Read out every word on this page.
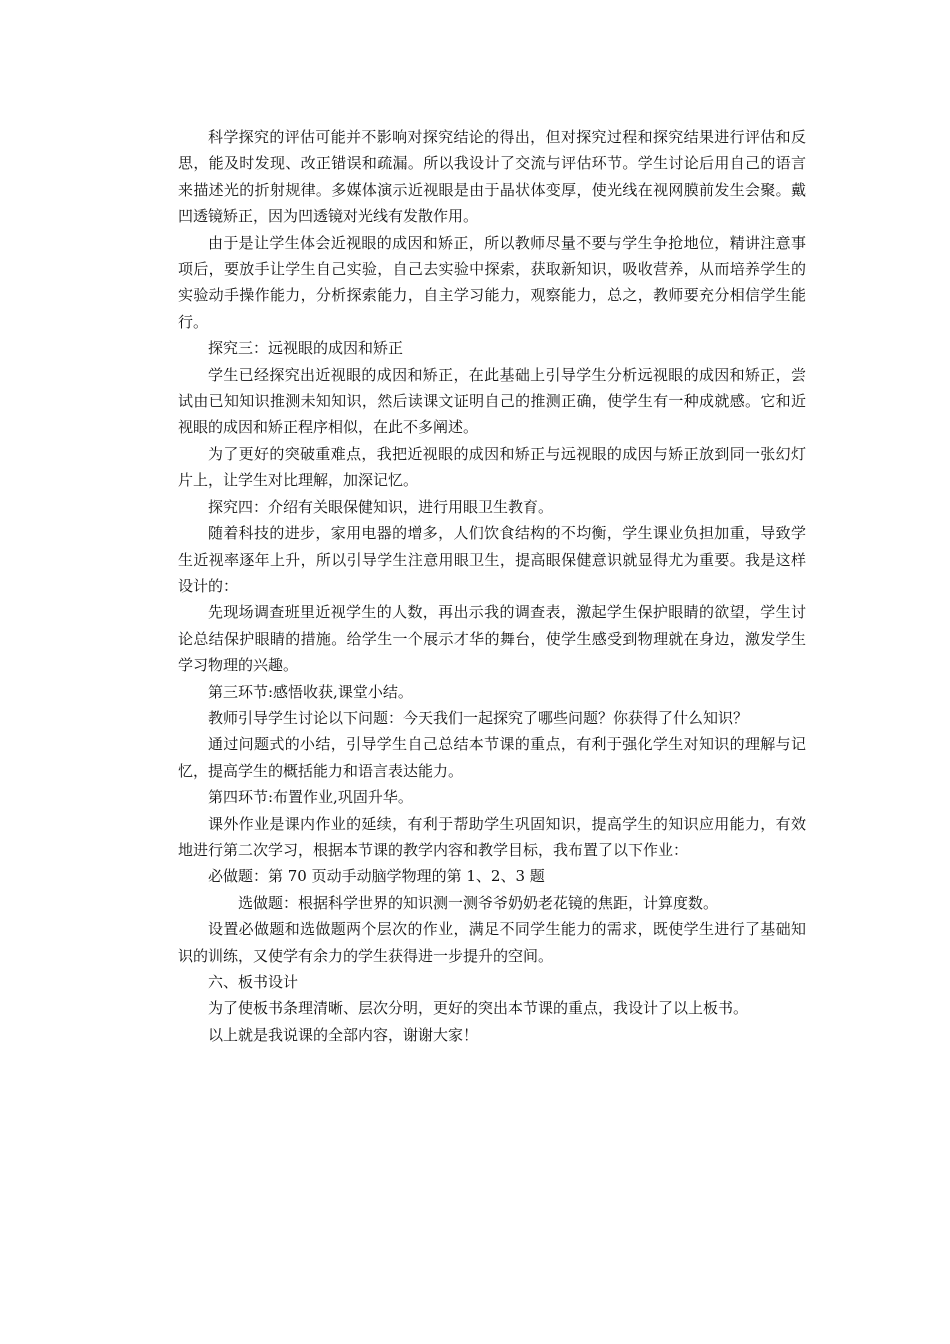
科学探究的评估可能并不影响对探究结论的得出，但对探究过程和探究结果进行评估和反思，能及时发现、改正错误和疏漏。所以我设计了交流与评估环节。学生讨论后用自己的语言来描述光的折射规律。多媒体演示近视眼是由于晶状体变厚，使光线在视网膜前发生会聚。戴凹透镜矫正，因为凹透镜对光线有发散作用。

由于是让学生体会近视眼的成因和矫正，所以教师尽量不要与学生争抢地位，精讲注意事项后，要放手让学生自己实验，自己去实验中探索，获取新知识，吸收营养，从而培养学生的实验动手操作能力，分析探索能力，自主学习能力，观察能力，总之，教师要充分相信学生能行。

探究三：远视眼的成因和矫正

学生已经探究出近视眼的成因和矫正，在此基础上引导学生分析远视眼的成因和矫正，尝试由已知知识推测未知知识，然后读课文证明自己的推测正确，使学生有一种成就感。它和近视眼的成因和矫正程序相似，在此不多阐述。

为了更好的突破重难点，我把近视眼的成因和矫正与远视眼的成因与矫正放到同一张幻灯片上，让学生对比理解，加深记忆。

探究四：介绍有关眼保健知识，进行用眼卫生教育。

随着科技的进步，家用电器的增多，人们饮食结构的不均衡，学生课业负担加重，导致学生近视率逐年上升，所以引导学生注意用眼卫生，提高眼保健意识就显得尤为重要。我是这样设计的：

先现场调查班里近视学生的人数，再出示我的调查表，激起学生保护眼睛的欲望，学生讨论总结保护眼睛的措施。给学生一个展示才华的舞台，使学生感受到物理就在身边，激发学生学习物理的兴趣。

第三环节:感悟收获,课堂小结。

教师引导学生讨论以下问题：今天我们一起探究了哪些问题？你获得了什么知识？

通过问题式的小结，引导学生自己总结本节课的重点，有利于强化学生对知识的理解与记忆，提高学生的概括能力和语言表达能力。

第四环节:布置作业,巩固升华。

课外作业是课内作业的延续，有利于帮助学生巩固知识，提高学生的知识应用能力，有效地进行第二次学习，根据本节课的教学内容和教学目标，我布置了以下作业：

必做题：第 70 页动手动脑学物理的第 1、2、3 题

选做题：根据科学世界的知识测一测爷爷奶奶老花镜的焦距，计算度数。

设置必做题和选做题两个层次的作业，满足不同学生能力的需求，既使学生进行了基础知识的训练，又使学有余力的学生获得进一步提升的空间。

六、板书设计

为了使板书条理清晰、层次分明，更好的突出本节课的重点，我设计了以上板书。

以上就是我说课的全部内容，谢谢大家！
